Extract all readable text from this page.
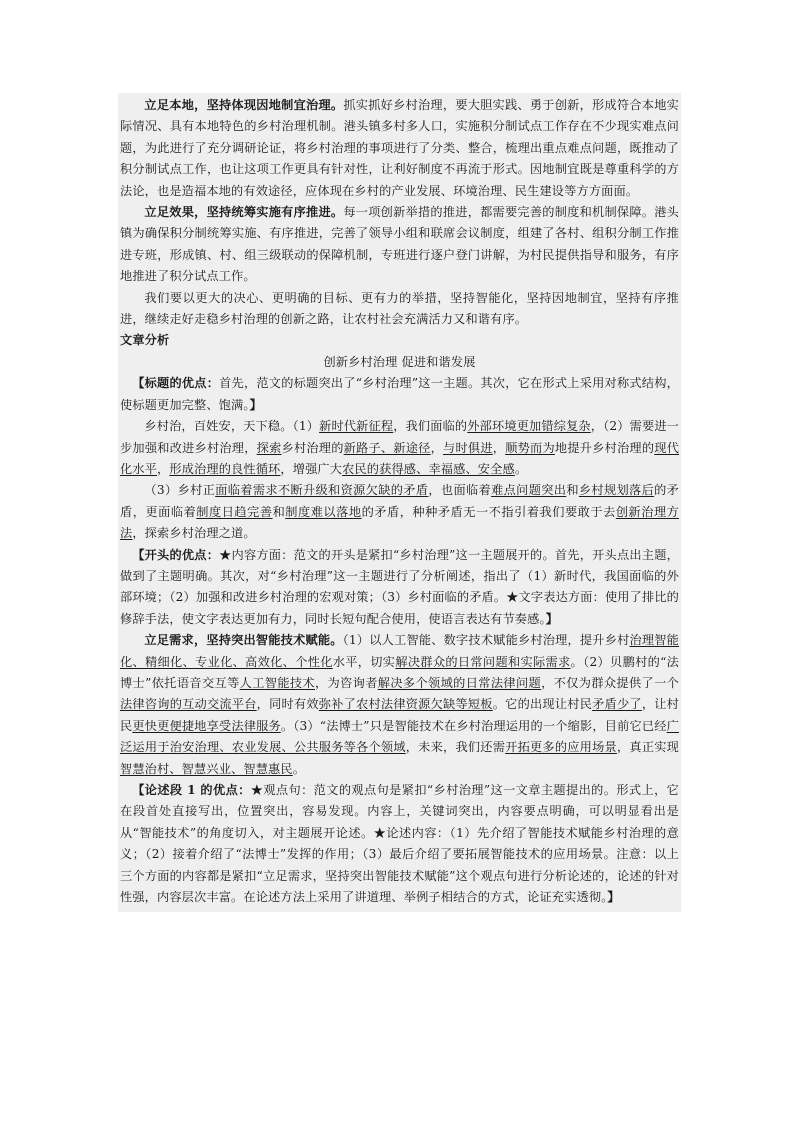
立足本地，坚持体现因地制宜治理。抓实抓好乡村治理，要大胆实践、勇于创新，形成符合本地实际情况、具有本地特色的乡村治理机制。港头镇多村多人口，实施积分制试点工作存在不少现实难点问题，为此进行了充分调研论证，将乡村治理的事项进行了分类、整合，梳理出重点难点问题，既推动了积分制试点工作，也让这项工作更具有针对性，让利好制度不再流于形式。因地制宜既是尊重科学的方法论，也是造福本地的有效途径，应体现在乡村的产业发展、环境治理、民生建设等方方面面。

立足效果，坚持统筹实施有序推进。每一项创新举措的推进，都需要完善的制度和机制保障。港头镇为确保积分制统筹实施、有序推进，完善了领导小组和联席会议制度，组建了各村、组积分制工作推进专班，形成镇、村、组三级联动的保障机制，专班进行逐户登门讲解，为村民提供指导和服务，有序地推进了积分试点工作。

我们要以更大的决心、更明确的目标、更有力的举措，坚持智能化，坚持因地制宜，坚持有序推进，继续走好走稳乡村治理的创新之路，让农村社会充满活力又和谐有序。

文章分析

创新乡村治理 促进和谐发展

【标题的优点：首先，范文的标题突出了“乡村治理”这一主题。其次，它在形式上采用对称式结构，使标题更加完整、饱满。】

乡村治，百姓安，天下稳。（1）新时代新征程，我们面临的外部环境更加错综复杂，（2）需要进一步加强和改进乡村治理，探索乡村治理的新路子、新途径，与时俱进，顺势而为地提升乡村治理的现代化水平，形成治理的良性循环，增强广大农民的获得感、幸福感、安全感。

（3）乡村正面临着需求不断升级和资源欠缺的矛盾，也面临着难点问题突出和乡村规划落后的矛盾，更面临着制度日趋完善和制度难以落地的矛盾，种种矛盾无一不指引着我们要敢于去创新治理方法，探索乡村治理之道。

【开头的优点：★内容方面：范文的开头是紧扣“乡村治理”这一主题展开的。首先，开头点出主题，做到了主题明确。其次，对“乡村治理”这一主题进行了分析阐述，指出了（1）新时代，我国面临的外部环境；（2）加强和改进乡村治理的宏观对策；（3）乡村面临的矛盾。★文字表达方面：使用了排比的修辞手法，使文字表达更加有力，同时长短句配合使用，使语言表达有节奏感。】

立足需求，坚持突出智能技术赋能。（1）以人工智能、数字技术赋能乡村治理，提升乡村治理智能化、精细化、专业化、高效化、个性化水平，切实解决群众的日常问题和实际需求。（2）贝鹏村的“法博士”依托语音交互等人工智能技术，为咨询者解决多个领域的日常法律问题，不仅为群众提供了一个法律咨询的互动交流平台，同时有效弥补了农村法律资源欠缺等短板。它的出现让村民矛盾少了，让村民更快更便捷地享受法律服务。（3）“法博士”只是智能技术在乡村治理运用的一个缩影，目前它已经广泛运用于治安治理、农业发展、公共服务等各个领域，未来，我们还需开拓更多的应用场景，真正实现智慧治村、智慧兴业、智慧惠民。

【论述段 1 的优点：★观点句：范文的观点句是紧扣“乡村治理”这一文章主题提出的。形式上，它在段首处直接写出，位置突出，容易发现。内容上，关键词突出，内容要点明确，可以明显看出是从“智能技术”的角度切入，对主题展开论述。★论述内容：（1）先介绍了智能技术赋能乡村治理的意义；（2）接着介绍了“法博士”发挥的作用；（3）最后介绍了要拓展智能技术的应用场景。注意：以上三个方面的内容都是紧扣“立足需求，坚持突出智能技术赋能”这个观点句进行分析论述的，论述的针对性强，内容层次丰富。在论述方法上采用了讲道理、举例子相结合的方式，论证充实透彻。】
